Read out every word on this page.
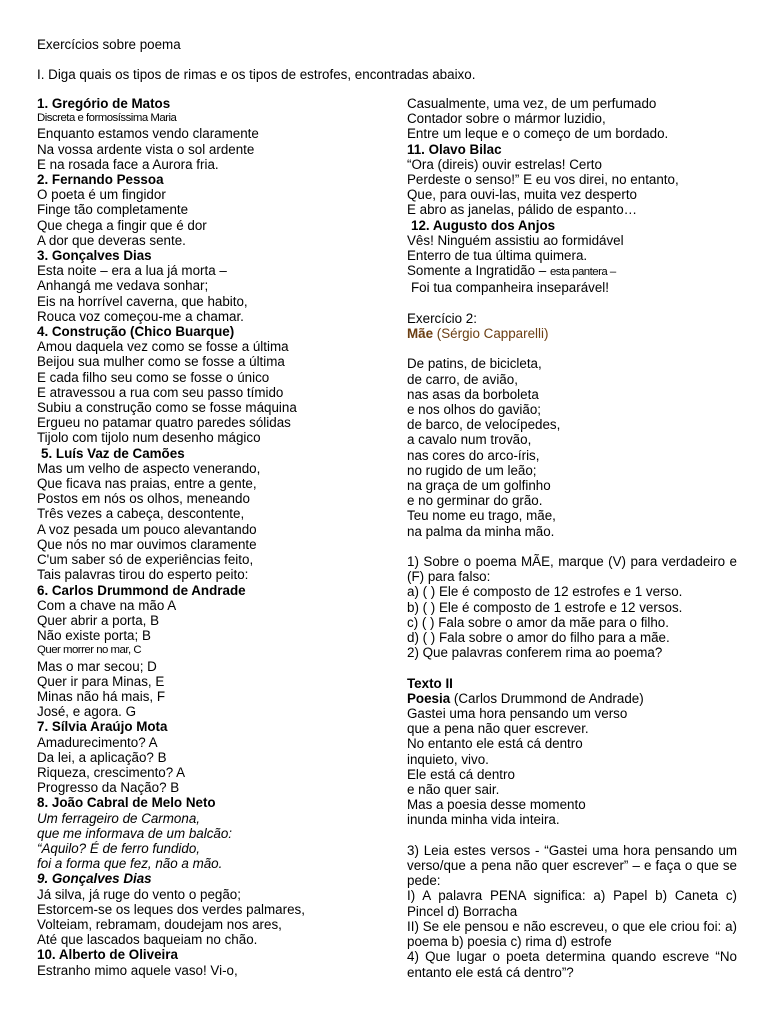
Exercícios sobre poema
I. Diga quais os tipos de rimas e os tipos de estrofes, encontradas abaixo.
1. Gregório de Matos
Discreta e formosíssima Maria
Enquanto estamos vendo claramente
Na vossa ardente vista o sol ardente
E na rosada face a Aurora fria.
2. Fernando Pessoa
O poeta é um fingidor
Finge tão completamente
Que chega a fingir que é dor
A dor que deveras sente.
3. Gonçalves Dias
Esta noite – era a lua já morta –
Anhangá me vedava sonhar;
Eis na horrível caverna, que habito,
Rouca voz começou-me a chamar.
4. Construção (Chico Buarque)
Amou daquela vez como se fosse a última
Beijou sua mulher como se fosse a última
E cada filho seu como se fosse o único
E atravessou a rua com seu passo tímido
Subiu a construção como se fosse máquina
Ergueu no patamar quatro paredes sólidas
Tijolo com tijolo num desenho mágico
5. Luís Vaz de Camões
Mas um velho de aspecto venerando,
Que ficava nas praias, entre a gente,
Postos em nós os olhos, meneando
Três vezes a cabeça, descontente,
A voz pesada um pouco alevantando
Que nós no mar ouvimos claramente
C'um saber só de experiências feito,
Tais palavras tirou do esperto peito:
6. Carlos Drummond de Andrade
Com a chave na mão A
Quer abrir a porta, B
Não existe porta; B
Quer morrer no mar, C
Mas o mar secou; D
Quer ir para Minas, E
Minas não há mais, F
José, e agora. G
7. Sílvia Araújo Mota
Amadurecimento? A
Da lei, a aplicação? B
Riqueza, crescimento? A
Progresso da Nação? B
8. João Cabral de Melo Neto
Um ferrageiro de Carmona,
que me informava de um balcão:
“Aquilo? É de ferro fundido,
foi a forma que fez, não a mão.
9. Gonçalves Dias
Já silva, já ruge do vento o pegão;
Estorcem-se os leques dos verdes palmares,
Volteiam, rebramam, doudejam nos ares,
Até que lascados baqueiam no chão.
10. Alberto de Oliveira
Estranho mimo aquele vaso! Vi-o,
Casualmente, uma vez, de um perfumado
Contador sobre o mármor luzidio,
Entre um leque e o começo de um bordado.
11. Olavo Bilac
“Ora (direis) ouvir estrelas! Certo
Perdeste o senso!” E eu vos direi, no entanto,
Que, para ouvi-las, muita vez desperto
E abro as janelas, pálido de espanto…
12. Augusto dos Anjos
Vês! Ninguém assistiu ao formidável
Enterro de tua última quimera.
Somente a Ingratidão – esta pantera –
Foi tua companheira inseparável!
Exercício 2:
Mãe (Sérgio Capparelli)
De patins, de bicicleta,
de carro, de avião,
nas asas da borboleta
e nos olhos do gavião;
de barco, de velocípedes,
a cavalo num trovão,
nas cores do arco-íris,
no rugido de um leão;
na graça de um golfinho
e no germinar do grão.
Teu nome eu trago, mãe,
na palma da minha mão.
1) Sobre o poema MÃE, marque (V) para verdadeiro e (F) para falso:
a) ( ) Ele é composto de 12 estrofes e 1 verso.
b) ( ) Ele é composto de 1 estrofe e 12 versos.
c) ( ) Fala sobre o amor da mãe para o filho.
d) ( ) Fala sobre o amor do filho para a mãe.
2) Que palavras conferem rima ao poema?
Texto II
Poesia (Carlos Drummond de Andrade)
Gastei uma hora pensando um verso
que a pena não quer escrever.
No entanto ele está cá dentro
inquieto, vivo.
Ele está cá dentro
e não quer sair.
Mas a poesia desse momento
inunda minha vida inteira.
3) Leia estes versos - “Gastei uma hora pensando um verso/que a pena não quer escrever” – e faça o que se pede:
I) A palavra PENA significa: a) Papel b) Caneta c) Pincel d) Borracha
II) Se ele pensou e não escreveu, o que ele criou foi: a) poema b) poesia c) rima d) estrofe
4) Que lugar o poeta determina quando escreve “No entanto ele está cá dentro”?
